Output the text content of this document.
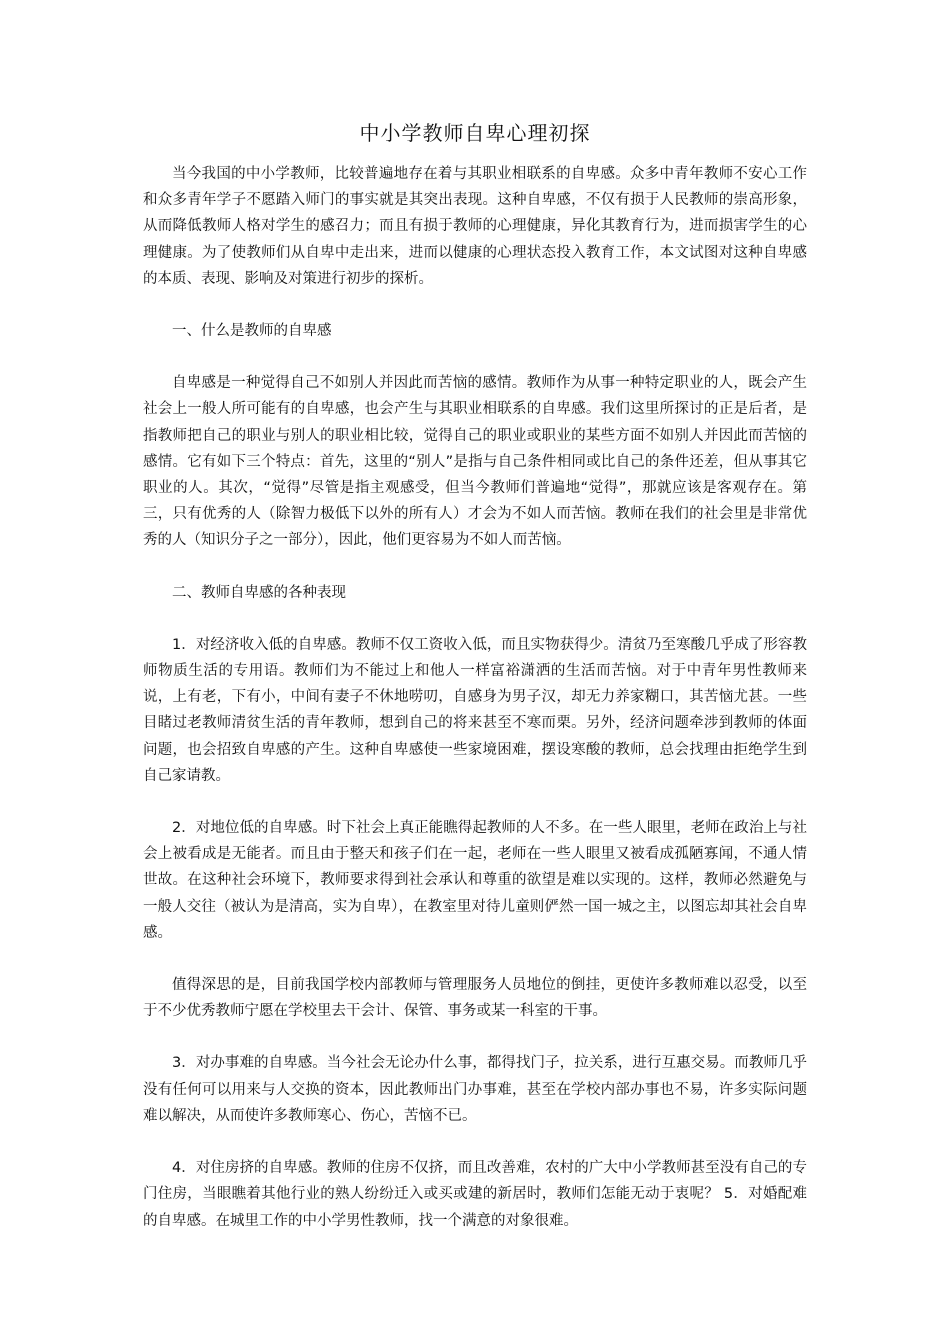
中小学教师自卑心理初探

当今我国的中小学教师，比较普遍地存在着与其职业相联系的自卑感。众多中青年教师不安心工作和众多青年学子不愿踏入师门的事实就是其突出表现。这种自卑感，不仅有损于人民教师的崇高形象，从而降低教师人格对学生的感召力；而且有损于教师的心理健康，异化其教育行为，进而损害学生的心理健康。为了使教师们从自卑中走出来，进而以健康的心理状态投入教育工作，本文试图对这种自卑感的本质、表现、影响及对策进行初步的探析。

一、什么是教师的自卑感

自卑感是一种觉得自己不如别人并因此而苦恼的感情。教师作为从事一种特定职业的人，既会产生社会上一般人所可能有的自卑感，也会产生与其职业相联系的自卑感。我们这里所探讨的正是后者，是指教师把自己的职业与别人的职业相比较，觉得自己的职业或职业的某些方面不如别人并因此而苦恼的感情。它有如下三个特点：首先，这里的“别人”是指与自己条件相同或比自己的条件还差，但从事其它职业的人。其次，“觉得”尽管是指主观感受，但当今教师们普遍地“觉得”，那就应该是客观存在。第三，只有优秀的人（除智力极低下以外的所有人）才会为不如人而苦恼。教师在我们的社会里是非常优秀的人（知识分子之一部分），因此，他们更容易为不如人而苦恼。

二、教师自卑感的各种表现

1．对经济收入低的自卑感。教师不仅工资收入低，而且实物获得少。清贫乃至寒酸几乎成了形容教师物质生活的专用语。教师们为不能过上和他人一样富裕潇洒的生活而苦恼。对于中青年男性教师来说，上有老，下有小，中间有妻子不休地唠叨，自感身为男子汉，却无力养家糊口，其苦恼尤甚。一些目睹过老教师清贫生活的青年教师，想到自己的将来甚至不寒而栗。另外，经济问题牵涉到教师的体面问题，也会招致自卑感的产生。这种自卑感使一些家境困难，摆设寒酸的教师，总会找理由拒绝学生到自己家请教。

2．对地位低的自卑感。时下社会上真正能瞧得起教师的人不多。在一些人眼里，老师在政治上与社会上被看成是无能者。而且由于整天和孩子们在一起，老师在一些人眼里又被看成孤陋寡闻，不通人情世故。在这种社会环境下，教师要求得到社会承认和尊重的欲望是难以实现的。这样，教师必然避免与一般人交往（被认为是清高，实为自卑），在教室里对待儿童则俨然一国一城之主，以图忘却其社会自卑感。

值得深思的是，目前我国学校内部教师与管理服务人员地位的倒挂，更使许多教师难以忍受，以至于不少优秀教师宁愿在学校里去干会计、保管、事务或某一科室的干事。

3．对办事难的自卑感。当今社会无论办什么事，都得找门子，拉关系，进行互惠交易。而教师几乎没有任何可以用来与人交换的资本，因此教师出门办事难，甚至在学校内部办事也不易，许多实际问题难以解决，从而使许多教师寒心、伤心，苦恼不已。

4．对住房挤的自卑感。教师的住房不仅挤，而且改善难，农村的广大中小学教师甚至没有自己的专门住房，当眼瞧着其他行业的熟人纷纷迁入或买或建的新居时，教师们怎能无动于衷呢？ 5．对婚配难的自卑感。在城里工作的中小学男性教师，找一个满意的对象很难。
